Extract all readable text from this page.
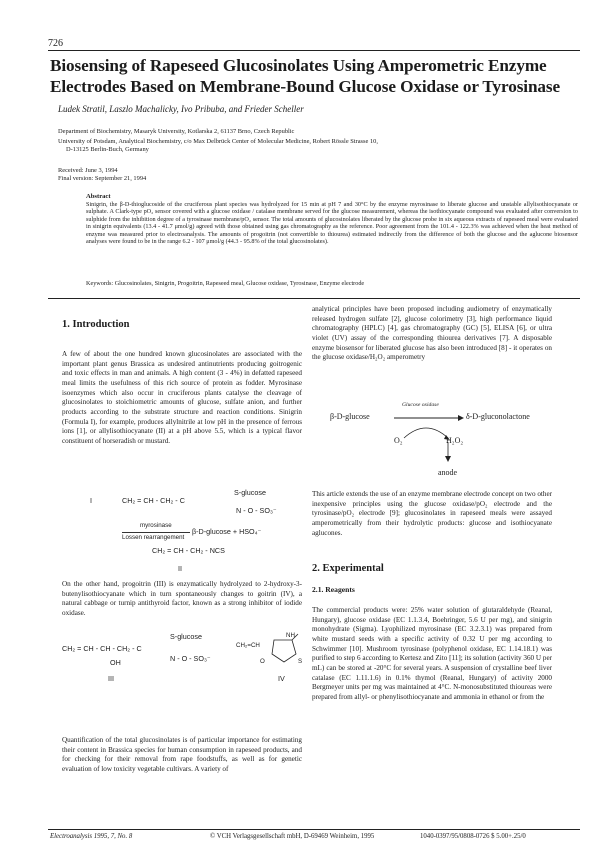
726
Biosensing of Rapeseed Glucosinolates Using Amperometric Enzyme
Electrodes Based on Membrane-Bound Glucose Oxidase or Tyrosinase
Ludek Stratil, Laszlo Machalicky, Ivo Pribuba, and Frieder Scheller
Department of Biochemistry, Masaryk University, Kotlarska 2, 61137 Brno, Czech Republic
University of Potsdam, Analytical Biochemistry, c/o Max Delbrück Center of Molecular Medicine, Robert Rössle Strasse 10,
D-13125 Berlin-Buch, Germany
Received: June 3, 1994
Final version: September 21, 1994
Abstract
Sinigrin, the β-D-thioglucoside of the cruciferous plant species was hydrolyzed for 15 min at pH 7 and 30°C by the enzyme myrosinase to liberate glucose and unstable allylisothiocyanate or sulphate. A Clark-type pO₂ sensor covered with a glucose oxidase / catalase membrane served for the glucose measurement, whereas the isothiocyanate compound was evaluated after conversion to sulphide from the inhibition degree of a tyrosinase membrane/pO₂ sensor. The total amounts of glucosinolates liberated by the glucose probe in six aqueous extracts of rapeseed meal were evaluated in sinigrin equivalents (13.4 - 41.7 μmol/g) agreed with those obtained using gas chromatography as the reference. Poor agreement from the 101.4 - 122.3% was achieved when the heat method of enzyme was measured prior to electroanalysis. The amounts of progoitrin (not convertible to thiourea) estimated indirectly from the difference of both the glucose and the aglucone biosensor analyses were found to be in the range 6.2 - 107 μmol/g (44.3 - 95.8% of the total glucosinolates).
Keywords: Glucosinolates, Sinigrin, Progoitrin, Rapeseed meal, Glucose oxidase, Tyrosinase, Enzyme electrode
1. Introduction
A few of about the one hundred known glucosinolates are associated with the important plant genus Brassica as undesired antinutrients producing goitrogenic and toxic effects in man and animals. A high content (3 - 4%) in defatted rapeseed meal limits the usefulness of this rich source of protein as fodder. Myrosinase isoenzymes which also occur in cruciferous plants catalyse the cleavage of glucosinolates to stoichiometric amounts of glucose, sulfate anion, and further products according to the substrate structure and reaction conditions. Sinigrin (Formula I), for example, produces allylnitrile at low pH in the presence of ferrous ions [1], or allylisothiocyanate (II) at a pH above 5.5, which is a typical flavor constituent of horseradish or mustard.
I	CH₂ = CH - CH₂ - C
S-glucose
N - O - SO₃⁻
myrosinase
Lossen rearrangement
β-D-glucose + HSO₄⁻
CH₂ = CH - CH₂ - NCS
II
On the other hand, progoitrin (III) is enzymatically hydrolyzed to 2-hydroxy-3-butenylisothiocyanate which in turn spontaneously changes to goitrin (IV), a natural cabbage or turnip antithyroid factor, known as a strong inhibitor of iodide oxidase.
S-glucose
CH₂ = CH - CH - CH₂ - C
N - O - SO₃⁻
OH
III
CH₂=CH
O
NH
S
IV
Quantification of the total glucosinolates is of particular importance for estimating their content in Brassica species for human consumption in rapeseed products, and for checking for their removal from rape foodstuffs, as well as for genetic evaluation of low toxicity vegetable cultivars. A variety of
analytical principles have been proposed including audiometry of enzymatically released hydrogen sulfate [2], glucose colorimetry [3], high performance liquid chromatography (HPLC) [4], gas chromatography (GC) [5], ELISA [6], or ultra violet (UV) assay of the corresponding thiourea derivatives [7]. A disposable enzyme biosensor for liberated glucose has also been introduced [8] - it operates on the glucose oxidase/H₂O₂ amperometry
β-D-glucose
Glucose oxidase
δ-D-gluconolactone
O₂	H₂O₂
anode
This article extends the use of an enzyme membrane electrode concept on two other inexpensive principles using the glucose oxidase/pO₂ electrode and the tyrosinase/pO₂ electrode [9]; glucosinolates in rapeseed meals were assayed amperometrically from their hydrolytic products: glucose and isothiocyanate aglucones.
2. Experimental
2.1. Reagents
The commercial products were: 25% water solution of glutaraldehyde (Reanal, Hungary), glucose oxidase (EC 1.1.3.4, Boehringer, 5.6 U per mg), and sinigrin monohydrate (Sigma). Lyophilized myrosinase (EC 3.2.3.1) was prepared from white mustard seeds with a specific activity of 0.32 U per mg according to Schwimmer [10]. Mushroom tyrosinase (polyphenol oxidase, EC 1.14.18.1) was purified to step 6 according to Kertesz and Zito [11]; its solution (activity 360 U per mL) can be stored at -20°C for several years. A suspension of crystalline beef liver catalase (EC 1.11.1.6) in 0.1% thymol (Reanal, Hungary) of activity 2000 Bergmeyer units per mg was maintained at 4°C. N-monosubstituted thioureas were prepared from allyl- or phenylisothiocyanate and ammonia in ethanol or from the
Electroanalysis 1995, 7, No. 8	© VCH Verlagsgesellschaft mbH, D-69469 Weinheim, 1995	1040-0397/95/0808-0726 $ 5.00+.25/0
